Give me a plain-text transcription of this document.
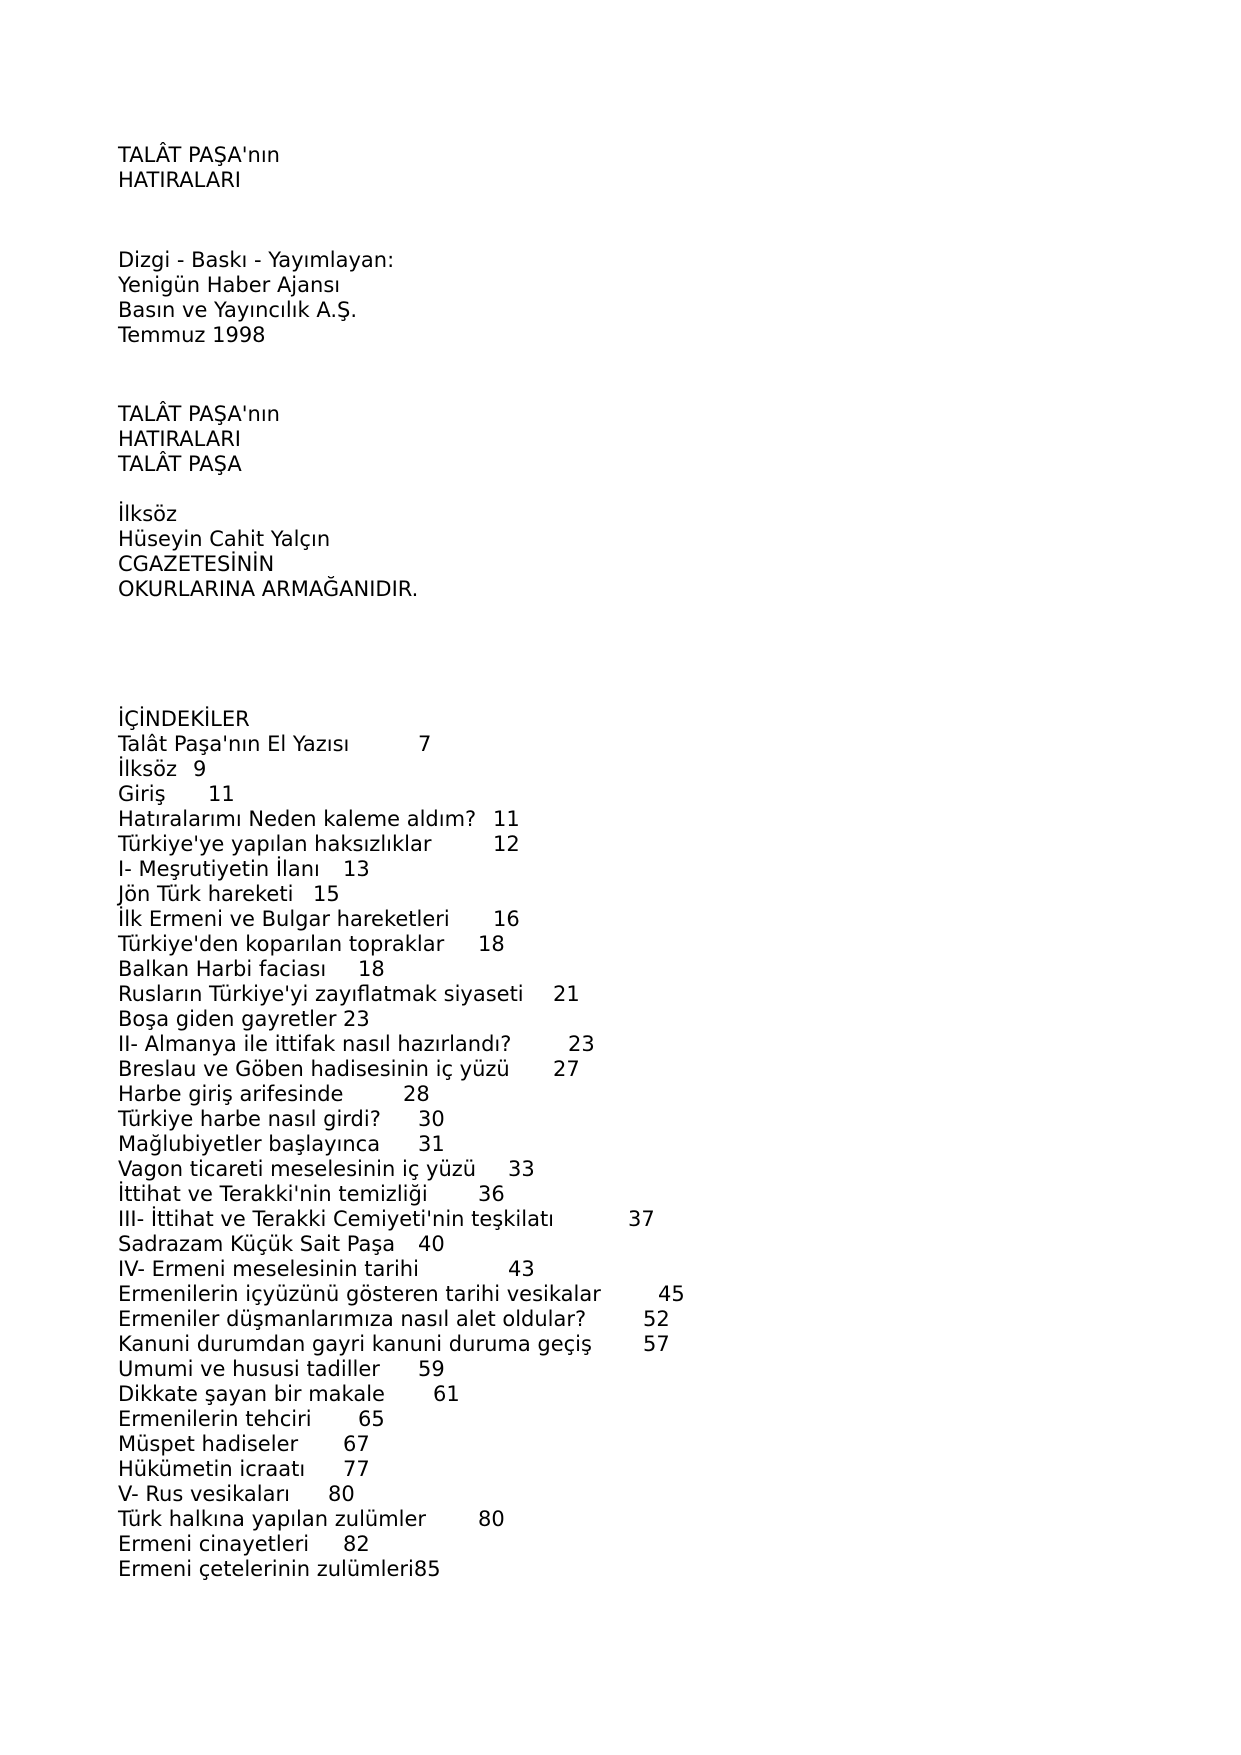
TALÂT PAŞA'nın
HATIRALARI
Dizgi - Baskı - Yayımlayan:
Yenigün Haber Ajansı
Basın ve Yayıncılık A.Ş.
Temmuz 1998
TALÂT PAŞA'nın
HATIRALARI
TALÂT PAŞA
İlksöz
Hüseyin Cahit Yalçın
CGAZETESİNİN
OKURLARINA ARMAĞANIDIR.
İÇİNDEKİLER
Talât Paşa'nın El Yazısı					7
İlksöz	9
Giriş			11
Hatıralarımı Neden kaleme aldım?	11
Türkiye'ye yapılan haksızlıklar				12
I- Meşrutiyetin İlanı		13
Jön Türk hareketi		15
İlk Ermeni ve Bulgar hareketleri			16
Türkiye'den koparılan topraklar			18
Balkan Harbi faciası		18
Rusların Türkiye'yi zayıflatmak siyaseti		21
Boşa giden gayretler	23
II- Almanya ile ittifak nasıl hazırlandı?				23
Breslau ve Göben hadisesinin iç yüzü			27
Harbe giriş arifesinde				28
Türkiye harbe nasıl girdi?			30
Mağlubiyetler başlayınca			31
Vagon ticareti meselesinin iç yüzü		33
İttihat ve Terakki'nin temizliği				36
III- İttihat ve Terakki Cemiyeti'nin teşkilatı					37
Sadrazam Küçük Sait Paşa		40
IV- Ermeni meselesinin tarihi						43
Ermenilerin içyüzünü gösteren tarihi vesikalar				45
Ermeniler düşmanlarımıza nasıl alet oldular?				52
Kanuni durumdan gayri kanuni duruma geçiş				57
Umumi ve hususi tadiller			59
Dikkate şayan bir makale			61
Ermenilerin tehciri			65
Müspet hadiseler			67
Hükümetin icraatı			77
V- Rus vesikaları			80
Türk halkına yapılan zulümler				80
Ermeni cinayetleri			82
Ermeni çetelerinin zulümleri85
